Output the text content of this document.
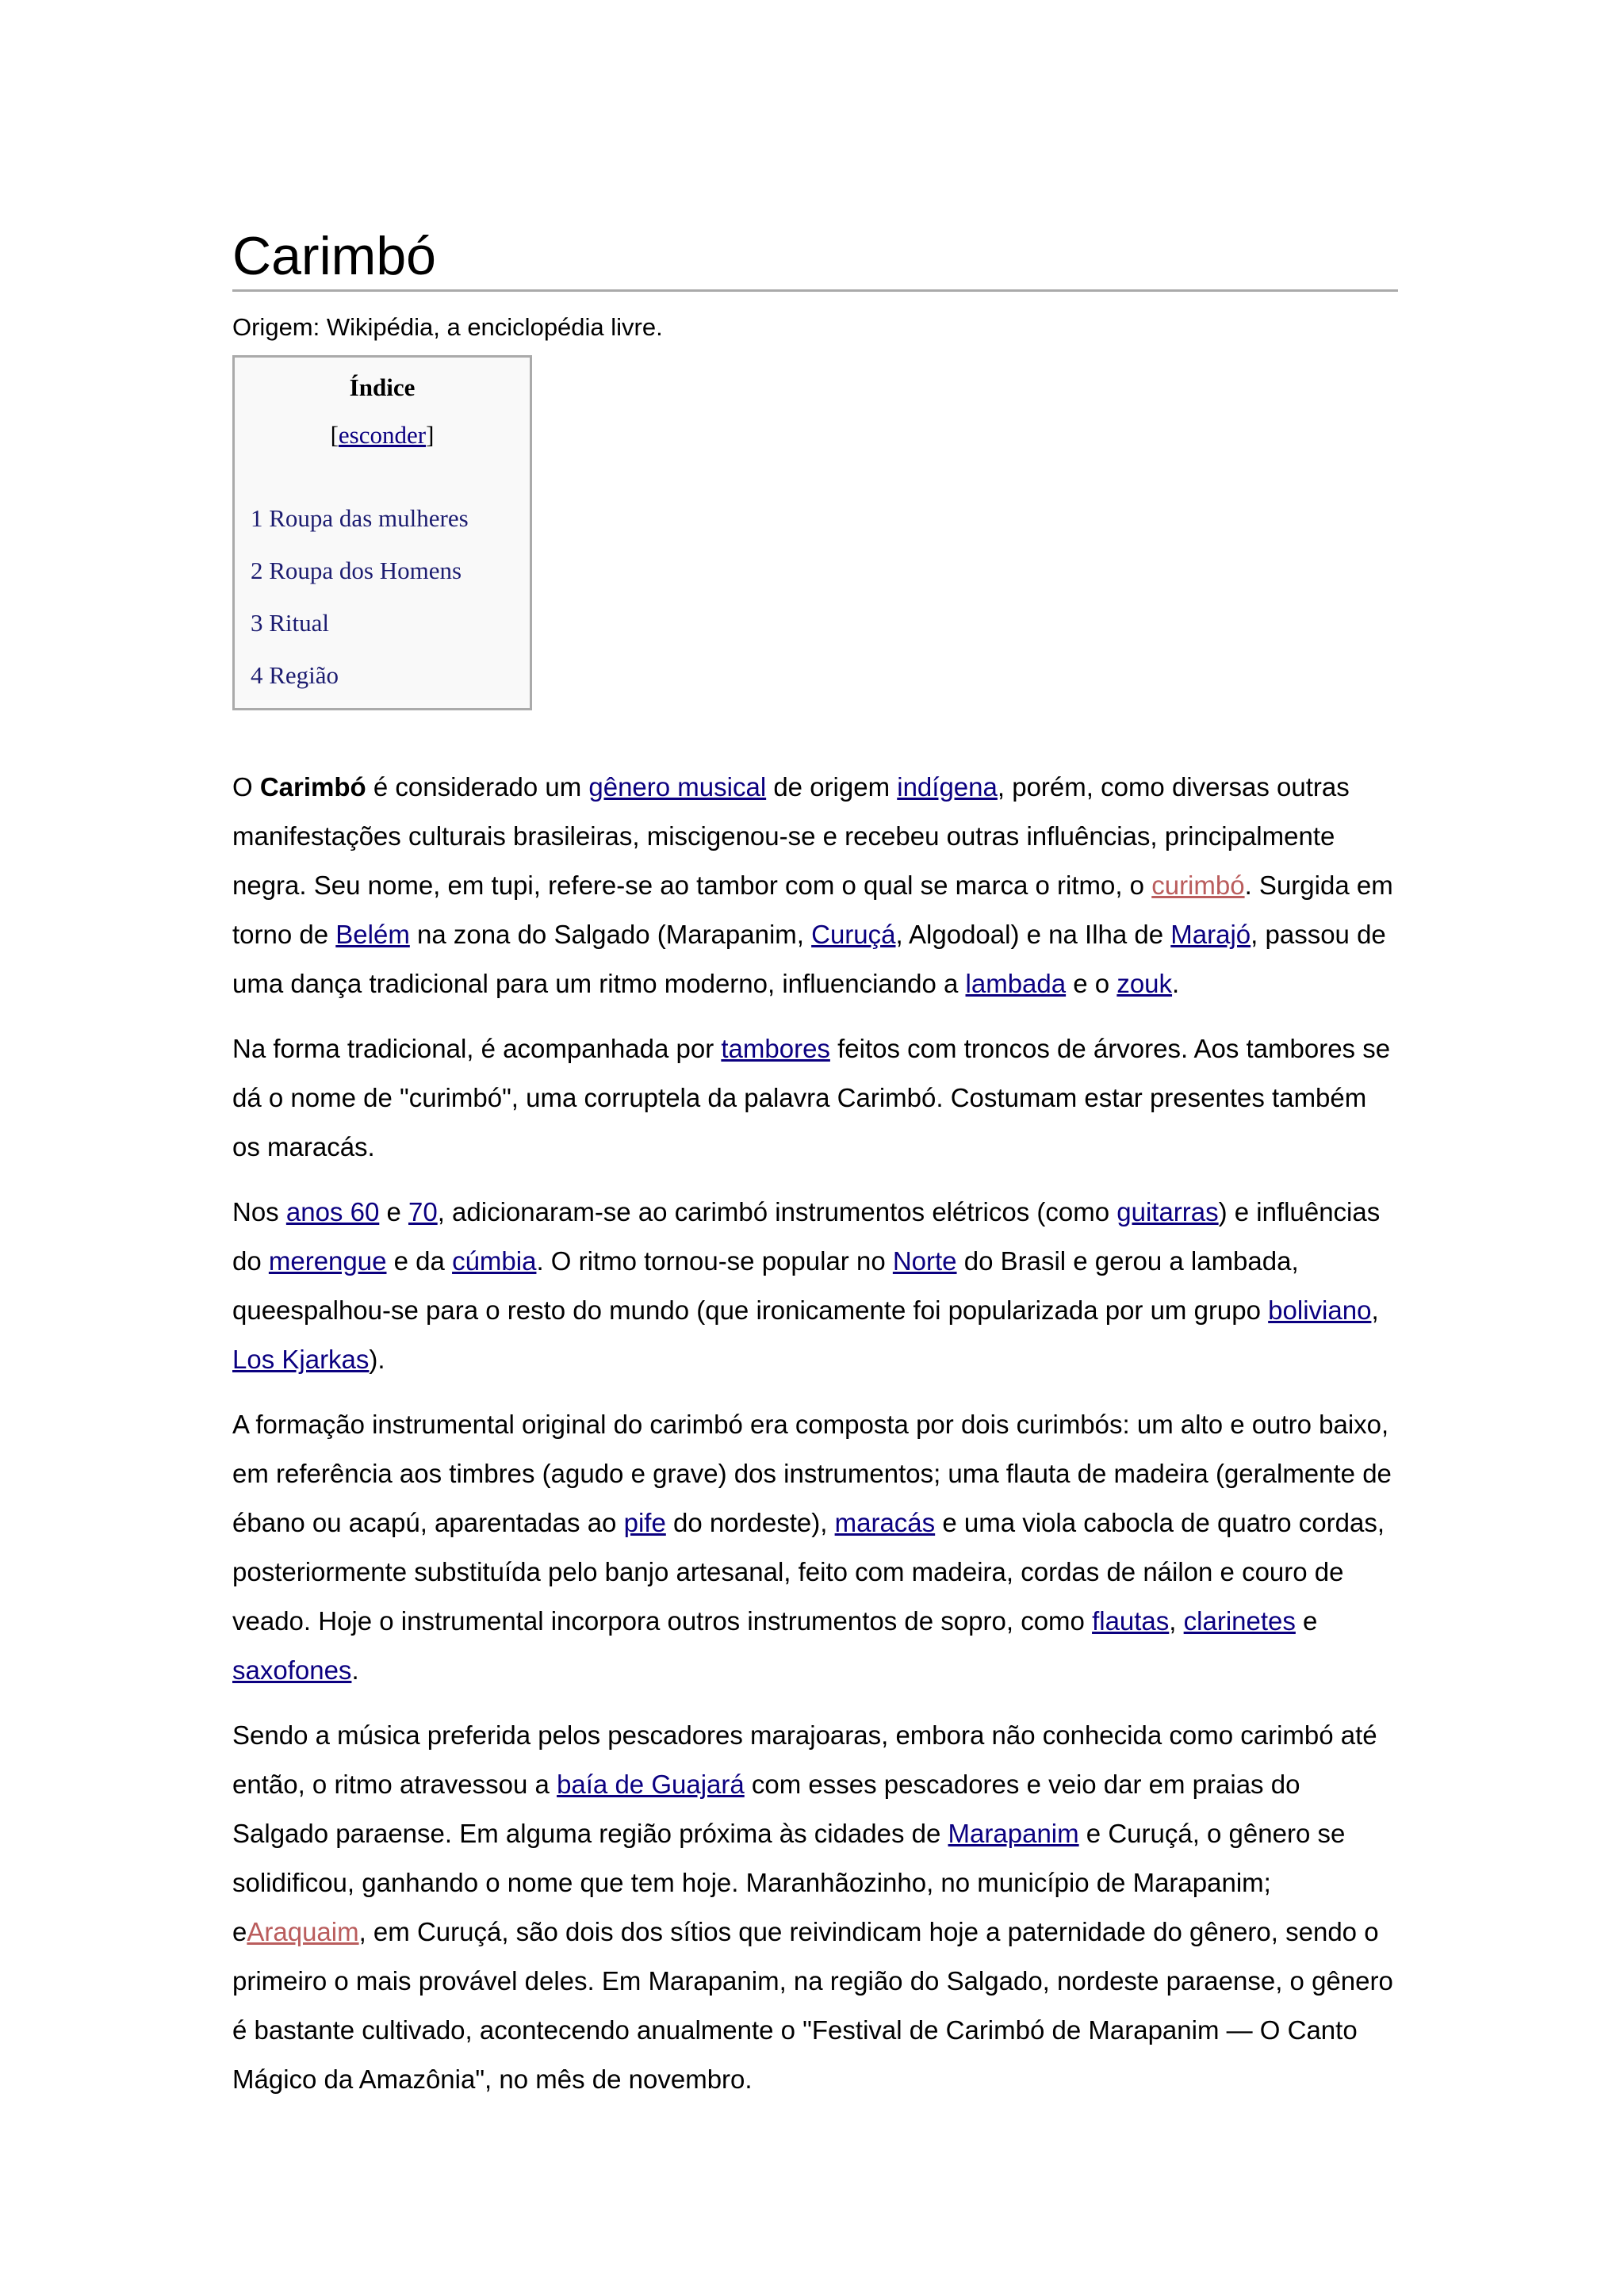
Carimbó
Origem: Wikipédia, a enciclopédia livre.
Índice
[esconder]
1 Roupa das mulheres
2 Roupa dos Homens
3 Ritual
4 Região

O Carimbó é considerado um gênero musical de origem indígena, porém, como diversas outras manifestações culturais brasileiras, miscigenou-se e recebeu outras influências, principalmente negra. Seu nome, em tupi, refere-se ao tambor com o qual se marca o ritmo, o curimbó. Surgida em torno de Belém na zona do Salgado (Marapanim, Curuçá, Algodoal) e na Ilha de Marajó, passou de uma dança tradicional para um ritmo moderno, influenciando a lambada e o zouk.

Na forma tradicional, é acompanhada por tambores feitos com troncos de árvores. Aos tambores se dá o nome de "curimbó", uma corruptela da palavra Carimbó. Costumam estar presentes também os maracás.

Nos anos 60 e 70, adicionaram-se ao carimbó instrumentos elétricos (como guitarras) e influências do merengue e da cúmbia. O ritmo tornou-se popular no Norte do Brasil e gerou a lambada, queespalhou-se para o resto do mundo (que ironicamente foi popularizada por um grupo boliviano, Los Kjarkas).

A formação instrumental original do carimbó era composta por dois curimbós: um alto e outro baixo, em referência aos timbres (agudo e grave) dos instrumentos; uma flauta de madeira (geralmente de ébano ou acapú, aparentadas ao pife do nordeste), maracás e uma viola cabocla de quatro cordas, posteriormente substituída pelo banjo artesanal, feito com madeira, cordas de náilon e couro de veado. Hoje o instrumental incorpora outros instrumentos de sopro, como flautas, clarinetes e saxofones.

Sendo a música preferida pelos pescadores marajoaras, embora não conhecida como carimbó até então, o ritmo atravessou a baía de Guajará com esses pescadores e veio dar em praias do Salgado paraense. Em alguma região próxima às cidades de Marapanim e Curuçá, o gênero se solidificou, ganhando o nome que tem hoje. Maranhãozinho, no município de Marapanim; eAraquaim, em Curuçá, são dois dos sítios que reivindicam hoje a paternidade do gênero, sendo o primeiro o mais provável deles. Em Marapanim, na região do Salgado, nordeste paraense, o gênero é bastante cultivado, acontecendo anualmente o "Festival de Carimbó de Marapanim — O Canto Mágico da Amazônia", no mês de novembro.
